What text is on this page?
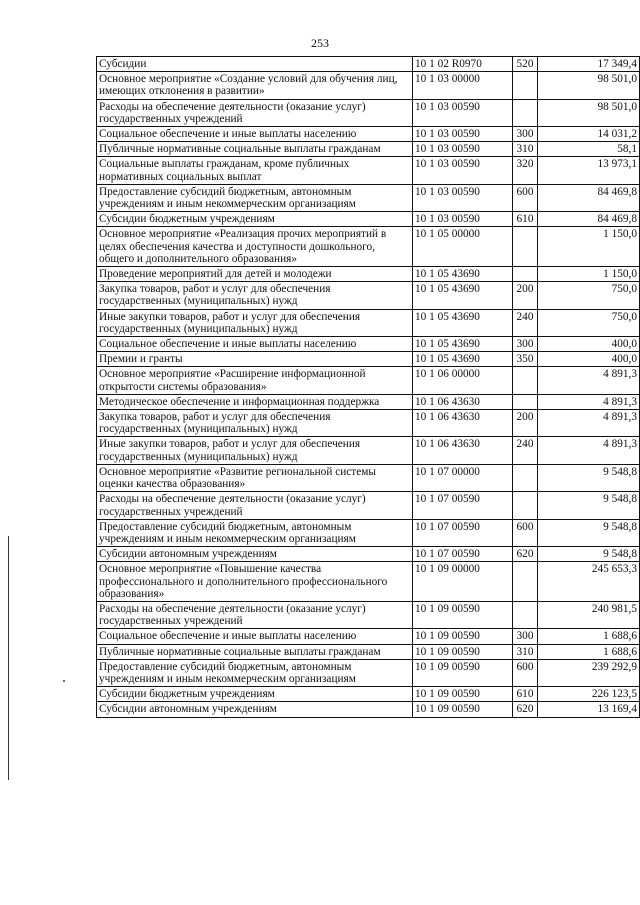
253
Субсидии	10 1 02 R0970	520	17 349,4
Основное мероприятие «Создание условий для обучения лиц, имеющих отклонения в развитии»	10 1 03 00000		98 501,0
Расходы на обеспечение деятельности (оказание услуг) государственных учреждений	10 1 03 00590		98 501,0
Социальное обеспечение и иные выплаты населению	10 1 03 00590	300	14 031,2
Публичные нормативные социальные выплаты гражданам	10 1 03 00590	310	58,1
Социальные выплаты гражданам, кроме публичных нормативных социальных выплат	10 1 03 00590	320	13 973,1
Предоставление субсидий бюджетным, автономным учреждениям и иным некоммерческим организациям	10 1 03 00590	600	84 469,8
Субсидии бюджетным учреждениям	10 1 03 00590	610	84 469,8
Основное мероприятие «Реализация прочих мероприятий в целях обеспечения качества и доступности дошкольного, общего и дополнительного образования»	10 1 05 00000		1 150,0
Проведение мероприятий для детей и молодежи	10 1 05 43690		1 150,0
Закупка товаров, работ и услуг для обеспечения государственных (муниципальных) нужд	10 1 05 43690	200	750,0
Иные закупки товаров, работ и услуг для обеспечения государственных (муниципальных) нужд	10 1 05 43690	240	750,0
Социальное обеспечение и иные выплаты населению	10 1 05 43690	300	400,0
Премии и гранты	10 1 05 43690	350	400,0
Основное мероприятие «Расширение информационной открытости системы образования»	10 1 06 00000		4 891,3
Методическое обеспечение и информационная поддержка	10 1 06 43630		4 891,3
Закупка товаров, работ и услуг для обеспечения государственных (муниципальных) нужд	10 1 06 43630	200	4 891,3
Иные закупки товаров, работ и услуг для обеспечения государственных (муниципальных) нужд	10 1 06 43630	240	4 891,3
Основное мероприятие «Развитие региональной системы оценки качества образования»	10 1 07 00000		9 548,8
Расходы на обеспечение деятельности (оказание услуг) государственных учреждений	10 1 07 00590		9 548,8
Предоставление субсидий бюджетным, автономным учреждениям и иным некоммерческим организациям	10 1 07 00590	600	9 548,8
Субсидии автономным учреждениям	10 1 07 00590	620	9 548,8
Основное мероприятие «Повышение качества профессионального и дополнительного профессионального образования»	10 1 09 00000		245 653,3
Расходы на обеспечение деятельности (оказание услуг) государственных учреждений	10 1 09 00590		240 981,5
Социальное обеспечение и иные выплаты населению	10 1 09 00590	300	1 688,6
Публичные нормативные социальные выплаты гражданам	10 1 09 00590	310	1 688,6
Предоставление субсидий бюджетным, автономным учреждениям и иным некоммерческим организациям	10 1 09 00590	600	239 292,9
Субсидии бюджетным учреждениям	10 1 09 00590	610	226 123,5
Субсидии автономным учреждениям	10 1 09 00590	620	13 169,4
